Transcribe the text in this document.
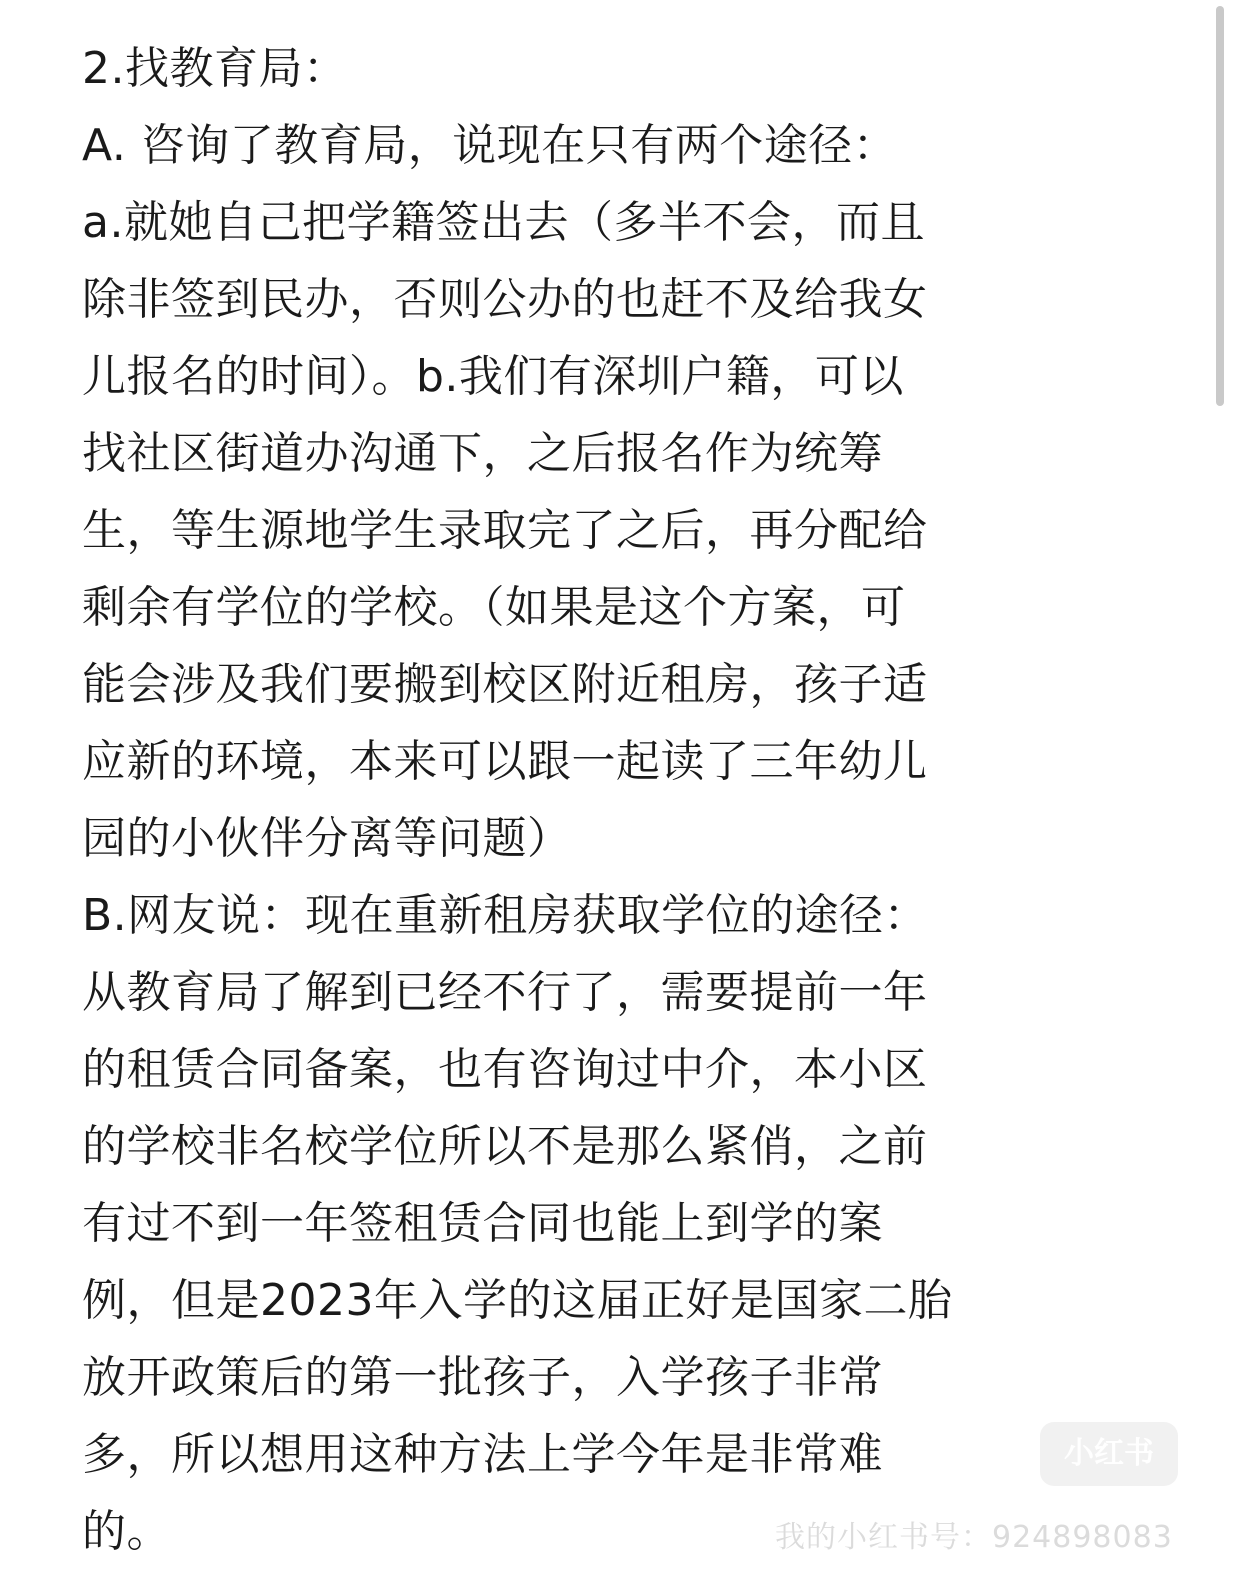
2.找教育局：
A. 咨询了教育局，说现在只有两个途径：
a.就她自己把学籍签出去（多半不会，而且
除非签到民办，否则公办的也赶不及给我女
儿报名的时间）。b.我们有深圳户籍，可以
找社区街道办沟通下，之后报名作为统筹
生，等生源地学生录取完了之后，再分配给
剩余有学位的学校。（如果是这个方案，可
能会涉及我们要搬到校区附近租房，孩子适
应新的环境，本来可以跟一起读了三年幼儿
园的小伙伴分离等问题）
B.网友说：现在重新租房获取学位的途径：
从教育局了解到已经不行了，需要提前一年
的租赁合同备案，也有咨询过中介，本小区
的学校非名校学位所以不是那么紧俏，之前
有过不到一年签租赁合同也能上到学的案
例，但是2023年入学的这届正好是国家二胎
放开政策后的第一批孩子，入学孩子非常
多，所以想用这种方法上学今年是非常难
的。
小红书
我的小红书号：924898083
